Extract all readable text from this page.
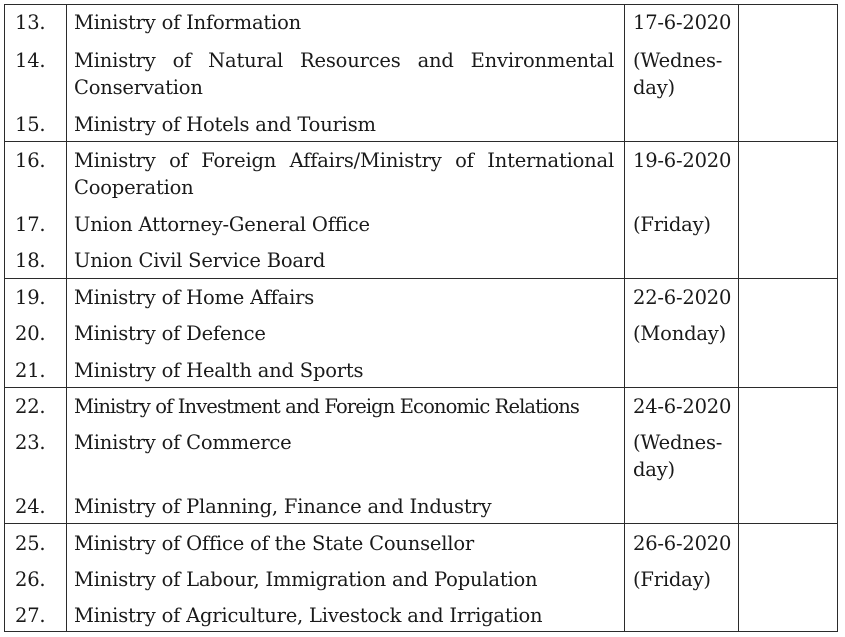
13. Ministry of Information
14. Ministry of Natural Resources and Environmental Conservation
15. Ministry of Hotels and Tourism
17-6-2020
(Wednes-
day)
16. Ministry of Foreign Affairs/Ministry of International Cooperation
17. Union Attorney-General Office
18. Union Civil Service Board
19-6-2020
(Friday)
19. Ministry of Home Affairs
20. Ministry of Defence
21. Ministry of Health and Sports
22-6-2020
(Monday)
22. Ministry of Investment and Foreign Economic Relations
23. Ministry of Commerce
24. Ministry of Planning, Finance and Industry
24-6-2020
(Wednes-
day)
25. Ministry of Office of the State Counsellor
26. Ministry of Labour, Immigration and Population
27. Ministry of Agriculture, Livestock and Irrigation
26-6-2020
(Friday)
